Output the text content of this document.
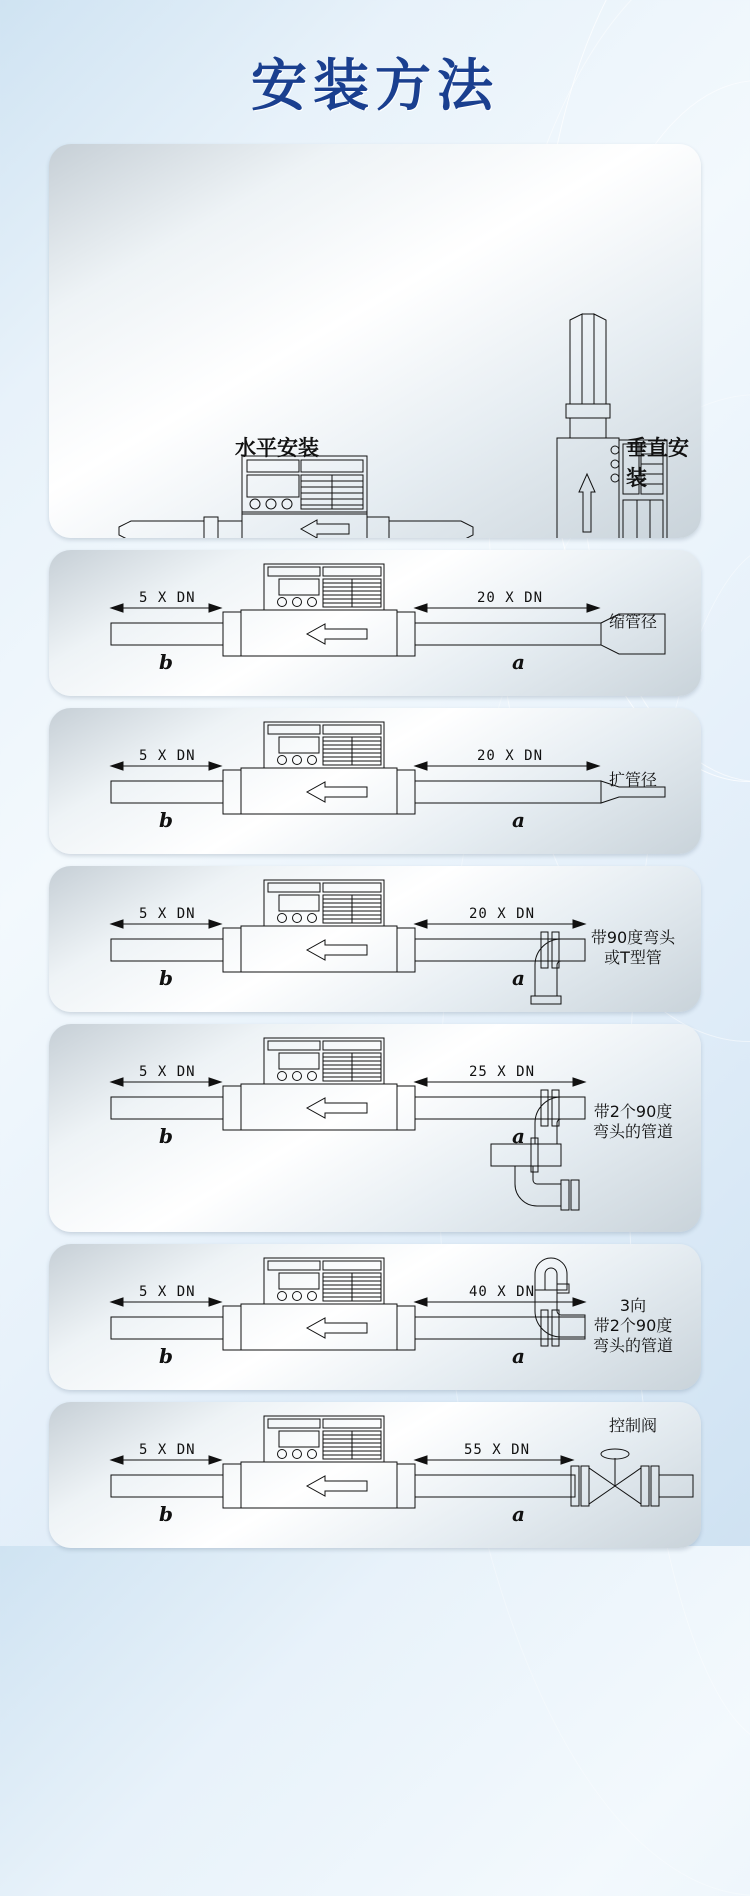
安装方法
水平安装	垂直安装
5 X DN	20 X DN
b	a
缩管径
5 X DN	20 X DN
b	a
扩管径
20 X DN
5 X DN
b	a
带90度弯头
或T型管
25 X DN
5 X DN
b	a
带2个90度
弯头的管道
40 X DN
5 X DN
b	a
3向
带2个90度
弯头的管道
55 X DN
5 X DN
b	a
控制阀
